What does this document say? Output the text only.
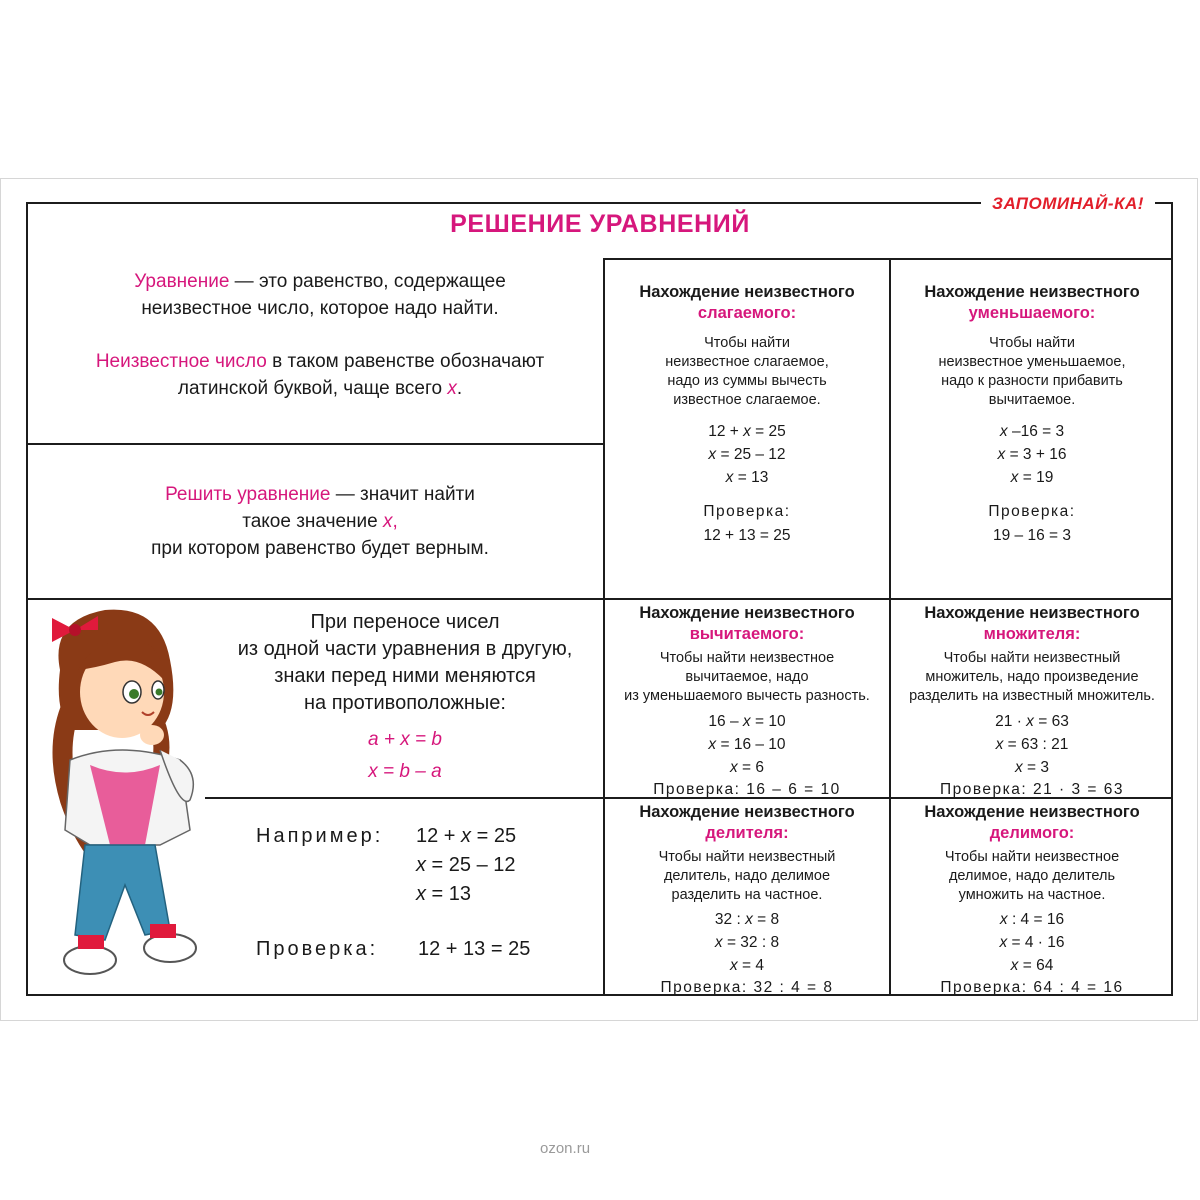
ЗАПОМИНАЙ-КА!
РЕШЕНИЕ УРАВНЕНИЙ
Уравнение — это равенство, содержащее
неизвестное число, которое надо найти.
Неизвестное число в таком равенстве обозначают
латинской буквой, чаще всего x.
Решить уравнение — значит найти
такое значение x,
при котором равенство будет верным.
При переносе чисел
из одной части уравнения в другую,
знаки перед ними меняются
на противоположные:
a + x = b
x = b – a
Например: 12 + x = 25
x = 25 – 12
x = 13
Проверка: 12 + 13 = 25
Нахождение неизвестного
слагаемого:
Чтобы найти
неизвестное слагаемое,
надо из суммы вычесть
известное слагаемое.
12 + x = 25
x = 25 – 12
x = 13
Проверка:
12 + 13 = 25
Нахождение неизвестного
уменьшаемого:
Чтобы найти
неизвестное уменьшаемое,
надо к разности прибавить
вычитаемое.
x –16 = 3
x = 3 + 16
x = 19
Проверка:
19 – 16 = 3
Нахождение неизвестного
вычитаемого:
Чтобы найти неизвестное
вычитаемое, надо
из уменьшаемого вычесть разность.
16 – x = 10
x = 16 – 10
x = 6
Проверка: 16 – 6 = 10
Нахождение неизвестного
множителя:
Чтобы найти неизвестный
множитель, надо произведение
разделить на известный множитель.
21 · x = 63
x = 63 : 21
x = 3
Проверка: 21 · 3 = 63
Нахождение неизвестного
делителя:
Чтобы найти неизвестный
делитель, надо делимое
разделить на частное.
32 : x = 8
x = 32 : 8
x = 4
Проверка: 32 : 4 = 8
Нахождение неизвестного
делимого:
Чтобы найти неизвестное
делимое, надо делитель
умножить на частное.
x : 4 = 16
x = 4 · 16
x = 64
Проверка: 64 : 4 = 16
ozon.ru
